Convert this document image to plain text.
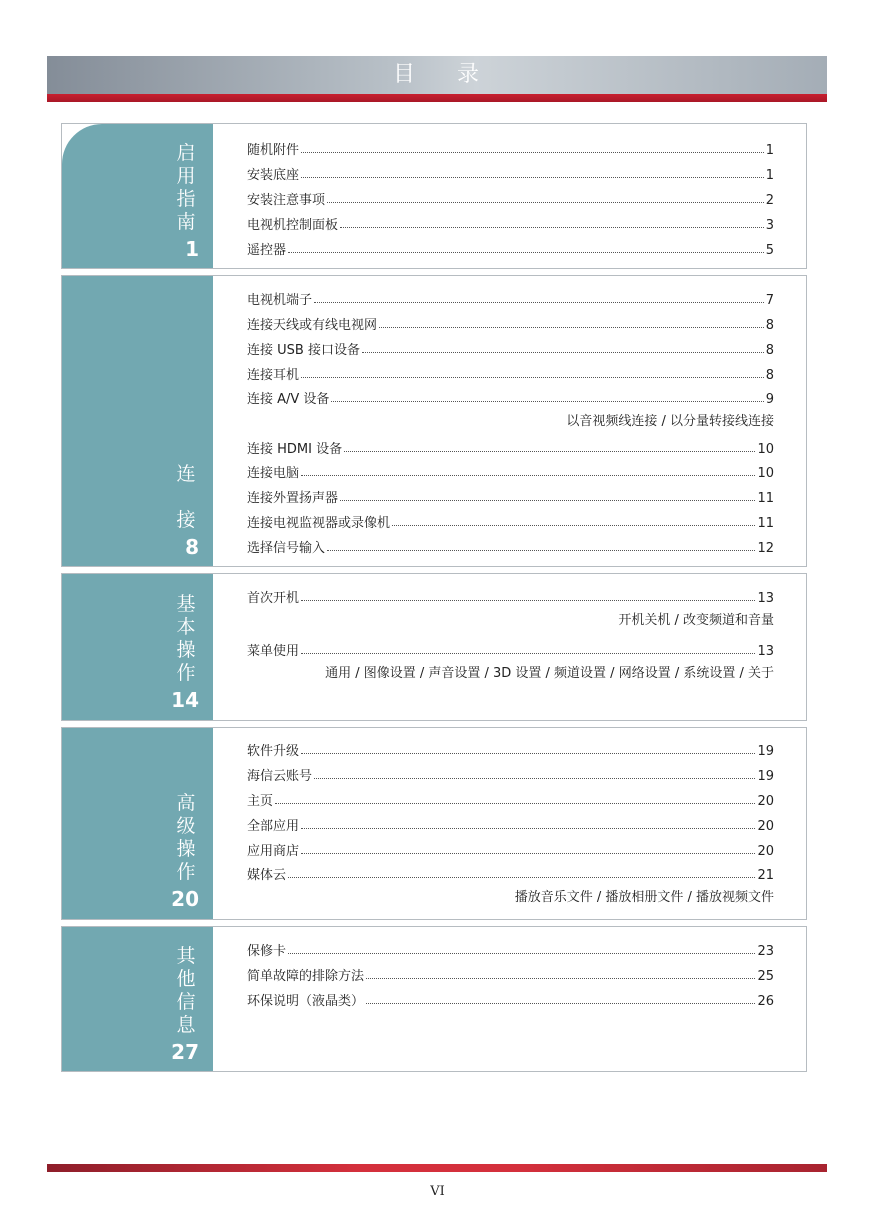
目 录
启
用
指
南
1
随机附件	1
安装底座	1
安装注意事项	2
电视机控制面板	3
遥控器	5
连
接
8
电视机端子	7
连接天线或有线电视网	8
连接 USB 接口设备	8
连接耳机	8
连接 A/V 设备	9
以音视频线连接 / 以分量转接线连接
连接 HDMI 设备	10
连接电脑	10
连接外置扬声器	11
连接电视监视器或录像机	11
选择信号输入	12
基
本
操
作
14
首次开机	13
开机关机 / 改变频道和音量
菜单使用	13
通用 / 图像设置 / 声音设置 / 3D 设置 / 频道设置 / 网络设置 / 系统设置 / 关于
高
级
操
作
20
软件升级	19
海信云账号	19
主页	20
全部应用	20
应用商店	20
媒体云	21
播放音乐文件 / 播放相册文件 / 播放视频文件
其
他
信
息
27
保修卡	23
简单故障的排除方法	25
环保说明（液晶类）	26
VI
